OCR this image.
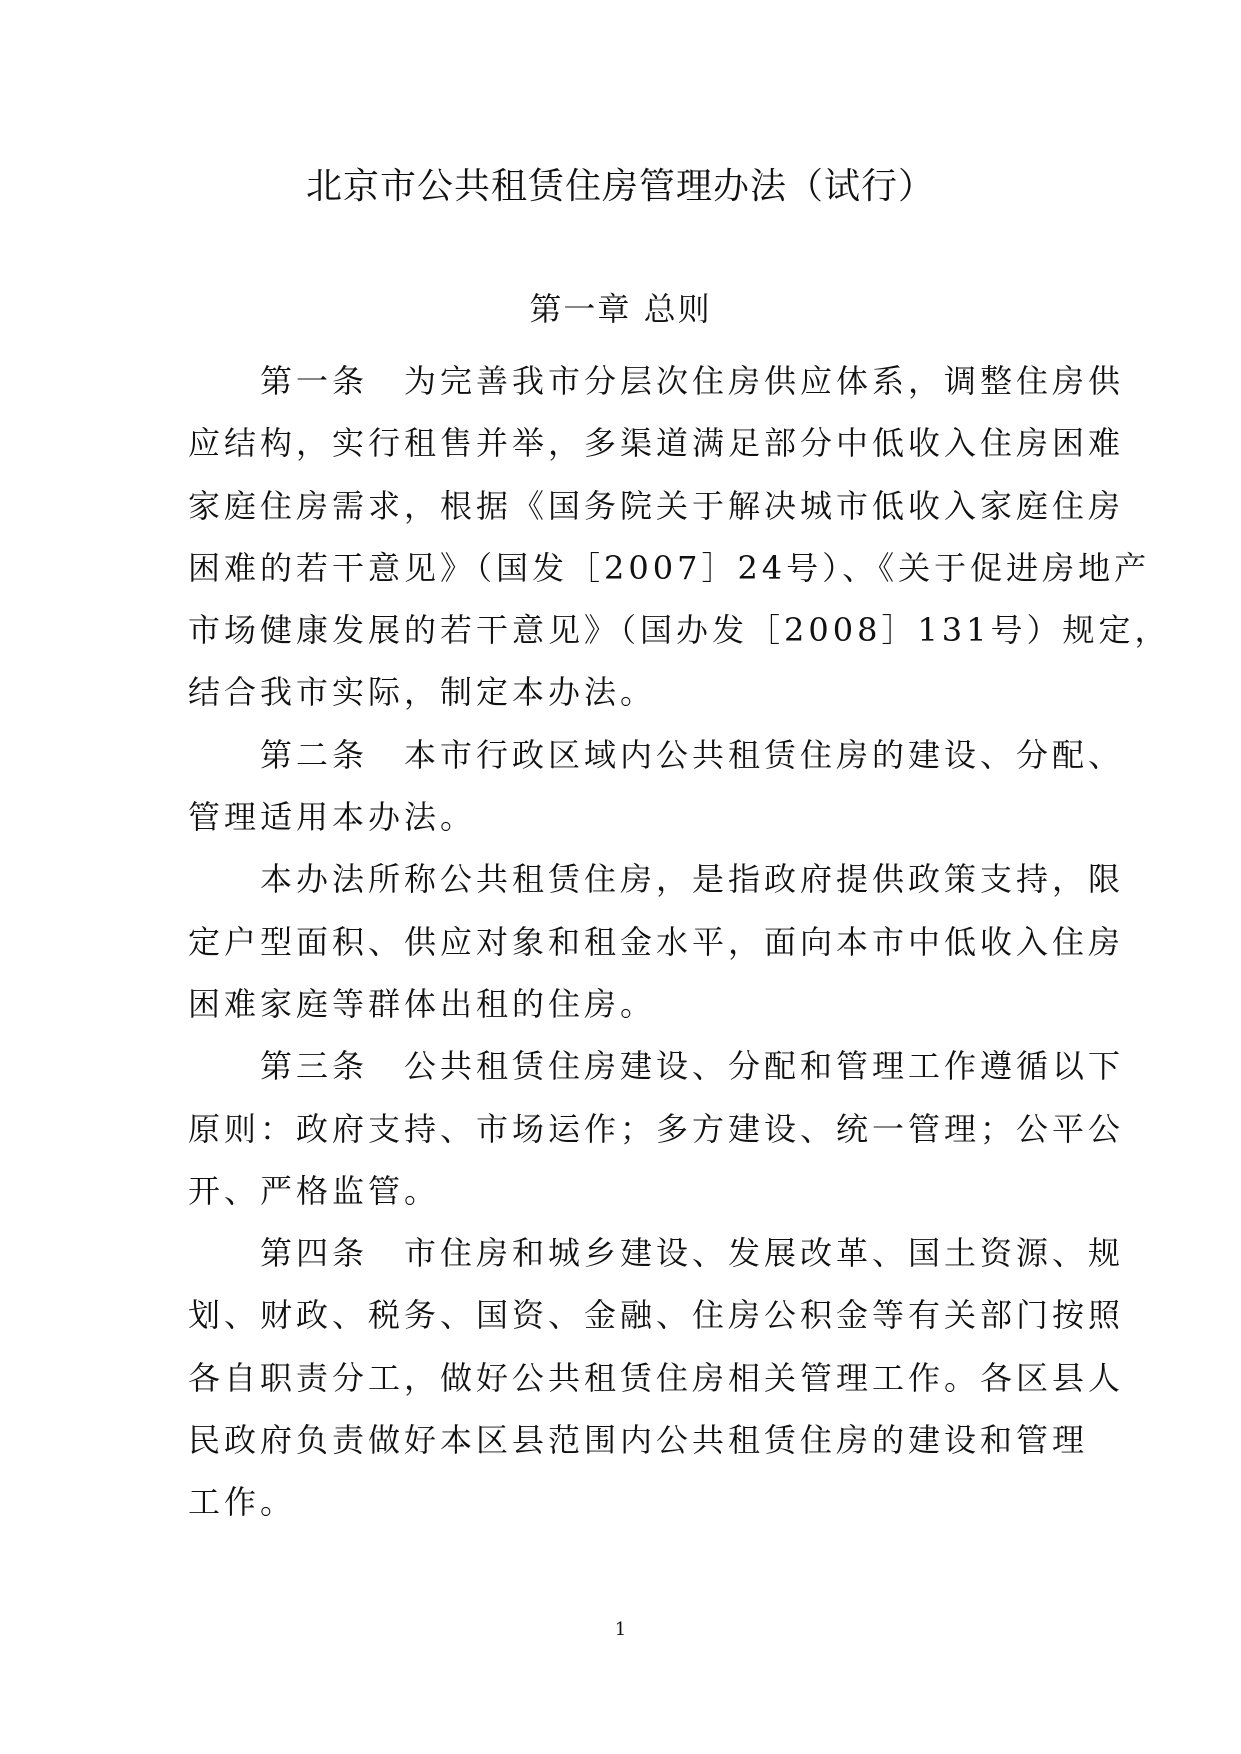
北京市公共租赁住房管理办法（试行）
第一章 总则
第一条 为完善我市分层次住房供应体系，调整住房供
应结构，实行租售并举，多渠道满足部分中低收入住房困难
家庭住房需求，根据《国务院关于解决城市低收入家庭住房
困难的若干意见》（国发［2007］24号）、《关于促进房地产
市场健康发展的若干意见》（国办发［2008］131号）规定，
结合我市实际，制定本办法。
第二条 本市行政区域内公共租赁住房的建设、分配、
管理适用本办法。
本办法所称公共租赁住房，是指政府提供政策支持，限
定户型面积、供应对象和租金水平，面向本市中低收入住房
困难家庭等群体出租的住房。
第三条 公共租赁住房建设、分配和管理工作遵循以下
原则：政府支持、市场运作；多方建设、统一管理；公平公
开、严格监管。
第四条 市住房和城乡建设、发展改革、国土资源、规
划、财政、税务、国资、金融、住房公积金等有关部门按照
各自职责分工，做好公共租赁住房相关管理工作。各区县人
民政府负责做好本区县范围内公共租赁住房的建设和管理
工作。
1
